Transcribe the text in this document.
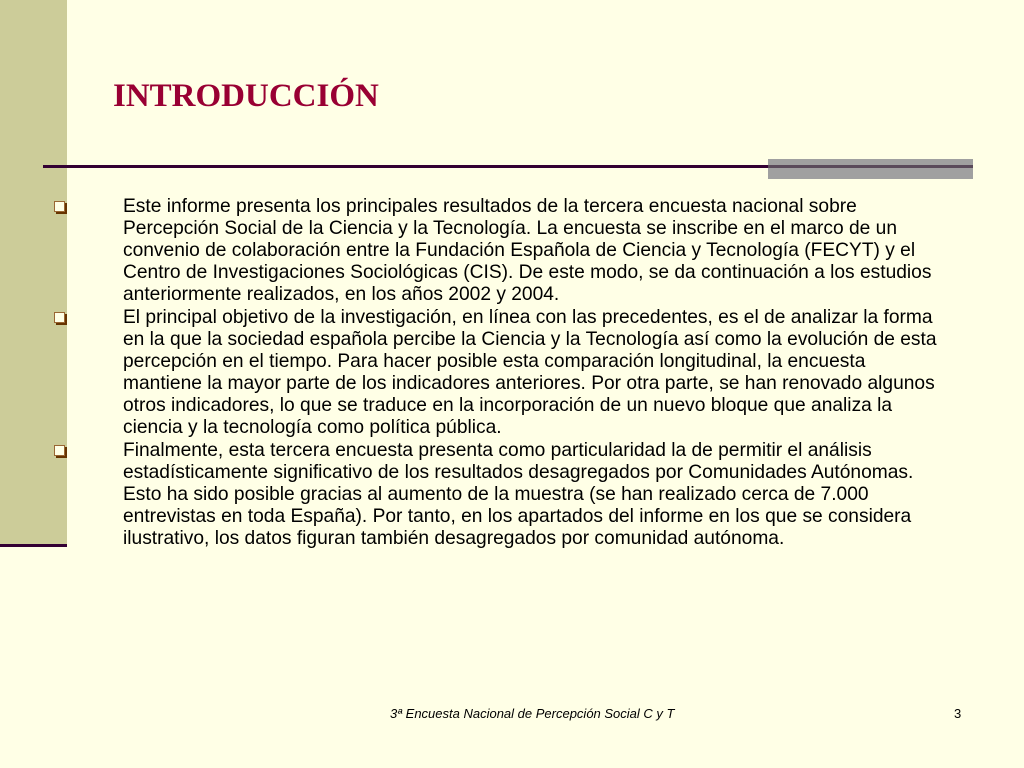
INTRODUCCIÓN
Este informe presenta los principales resultados de la tercera encuesta nacional sobre Percepción Social de la Ciencia y la Tecnología. La encuesta se inscribe en el marco de un convenio de colaboración entre la Fundación Española de Ciencia y Tecnología (FECYT) y el Centro de Investigaciones Sociológicas (CIS). De este modo, se da continuación a los estudios anteriormente realizados, en los años 2002 y 2004.
El principal objetivo de la investigación, en línea con las precedentes, es el de analizar la forma en la que la sociedad española percibe la Ciencia y la Tecnología así como la evolución de esta percepción en el tiempo. Para hacer posible esta comparación longitudinal, la encuesta mantiene la mayor parte de los indicadores anteriores. Por otra parte, se han renovado algunos otros indicadores, lo que se traduce en la incorporación de un nuevo bloque que analiza la ciencia y la tecnología como política pública.
Finalmente, esta tercera encuesta presenta como particularidad la de permitir el análisis estadísticamente significativo de los resultados desagregados por Comunidades Autónomas. Esto ha sido posible gracias al aumento de la muestra (se han realizado cerca de 7.000 entrevistas en toda España). Por tanto, en los apartados del informe en los que se considera ilustrativo, los datos figuran también desagregados por comunidad autónoma.
3ª Encuesta Nacional de Percepción Social C y T	3
